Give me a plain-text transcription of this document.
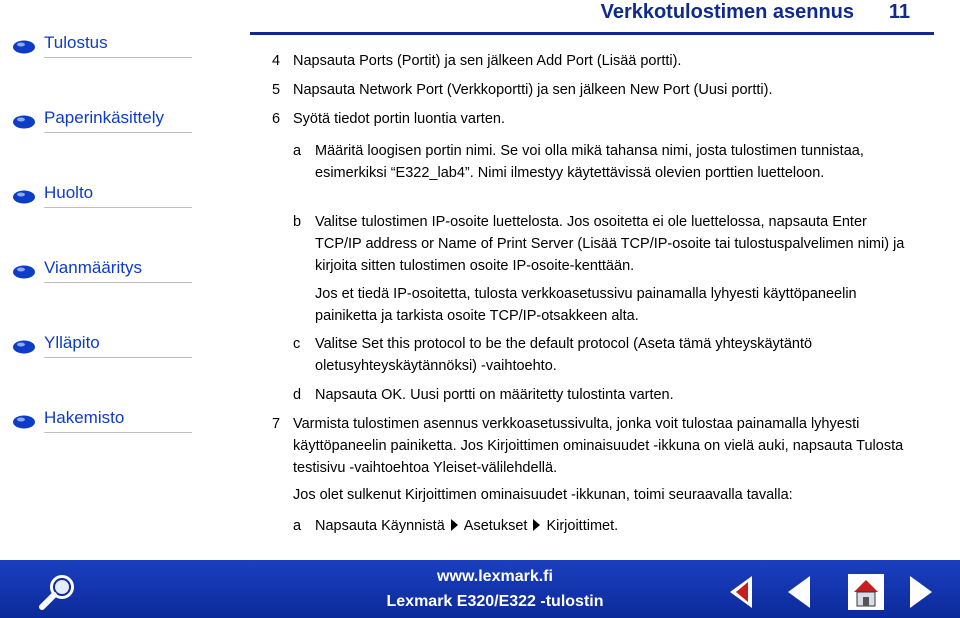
Tulostus
Paperinkäsittely
Huolto
Vianmääritys
Ylläpito
Hakemisto
Verkkotulostimen asennus	11
4 Napsauta Ports (Portit) ja sen jälkeen Add Port (Lisää portti).
5 Napsauta Network Port (Verkkoportti) ja sen jälkeen New Port (Uusi portti).
6 Syötä tiedot portin luontia varten.
a Määritä loogisen portin nimi. Se voi olla mikä tahansa nimi, josta tulostimen tunnistaa, esimerkiksi “E322_lab4”. Nimi ilmestyy käytettävissä olevien porttien luetteloon.
b Valitse tulostimen IP-osoite luettelosta. Jos osoitetta ei ole luettelossa, napsauta Enter TCP/IP address or Name of Print Server (Lisää TCP/IP-osoite tai tulostuspalvelimen nimi) ja kirjoita sitten tulostimen osoite IP-osoite-kenttään.
Jos et tiedä IP-osoitetta, tulosta verkkoasetussivu painamalla lyhyesti käyttöpaneelin painiketta ja tarkista osoite TCP/IP-otsakkeen alta.
c	Valitse Set this protocol to be the default protocol (Aseta tämä yhteyskäytäntö oletusyhteyskäytännöksi) -vaihtoehto.
d Napsauta OK. Uusi portti on määritetty tulostinta varten.
7 Varmista tulostimen asennus verkkoasetussivulta, jonka voit tulostaa painamalla lyhyesti käyttöpaneelin painiketta. Jos Kirjoittimen ominaisuudet -ikkuna on vielä auki, napsauta Tulosta testisivu -vaihtoehtoa Yleiset-välilehdellä.
Jos olet sulkenut Kirjoittimen ominaisuudet -ikkunan, toimi seuraavalla tavalla:
a Napsauta Käynnistä Asetukset Kirjoittimet.
www.lexmark.fi
Lexmark E320/E322 -tulostin
